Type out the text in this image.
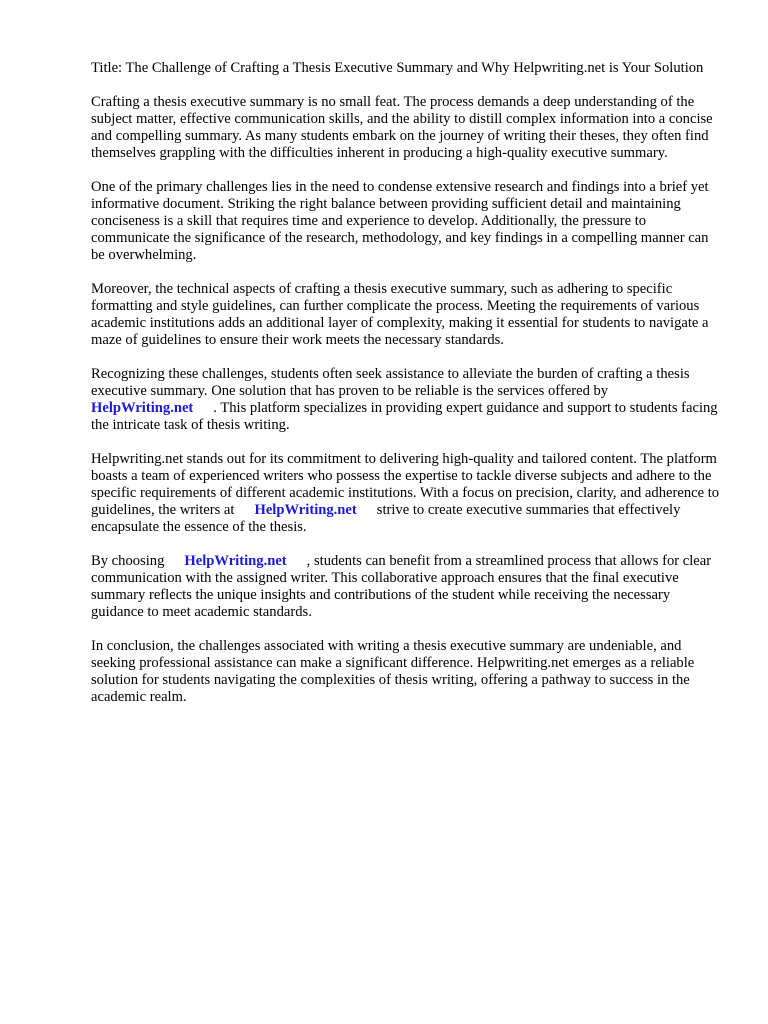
Title: The Challenge of Crafting a Thesis Executive Summary and Why Helpwriting.net is Your Solution

Crafting a thesis executive summary is no small feat. The process demands a deep understanding of the subject matter, effective communication skills, and the ability to distill complex information into a concise and compelling summary. As many students embark on the journey of writing their theses, they often find themselves grappling with the difficulties inherent in producing a high-quality executive summary.

One of the primary challenges lies in the need to condense extensive research and findings into a brief yet informative document. Striking the right balance between providing sufficient detail and maintaining conciseness is a skill that requires time and experience to develop. Additionally, the pressure to communicate the significance of the research, methodology, and key findings in a compelling manner can be overwhelming.

Moreover, the technical aspects of crafting a thesis executive summary, such as adhering to specific formatting and style guidelines, can further complicate the process. Meeting the requirements of various academic institutions adds an additional layer of complexity, making it essential for students to navigate a maze of guidelines to ensure their work meets the necessary standards.

Recognizing these challenges, students often seek assistance to alleviate the burden of crafting a thesis executive summary. One solution that has proven to be reliable is the services offered by
HelpWriting.net . This platform specializes in providing expert guidance and support to students facing the intricate task of thesis writing.

Helpwriting.net stands out for its commitment to delivering high-quality and tailored content. The platform boasts a team of experienced writers who possess the expertise to tackle diverse subjects and adhere to the specific requirements of different academic institutions. With a focus on precision, clarity, and adherence to guidelines, the writers at HelpWriting.net strive to create executive summaries that effectively encapsulate the essence of the thesis.

By choosing HelpWriting.net , students can benefit from a streamlined process that allows for clear communication with the assigned writer. This collaborative approach ensures that the final executive summary reflects the unique insights and contributions of the student while receiving the necessary guidance to meet academic standards.

In conclusion, the challenges associated with writing a thesis executive summary are undeniable, and seeking professional assistance can make a significant difference. Helpwriting.net emerges as a reliable solution for students navigating the complexities of thesis writing, offering a pathway to success in the academic realm.
